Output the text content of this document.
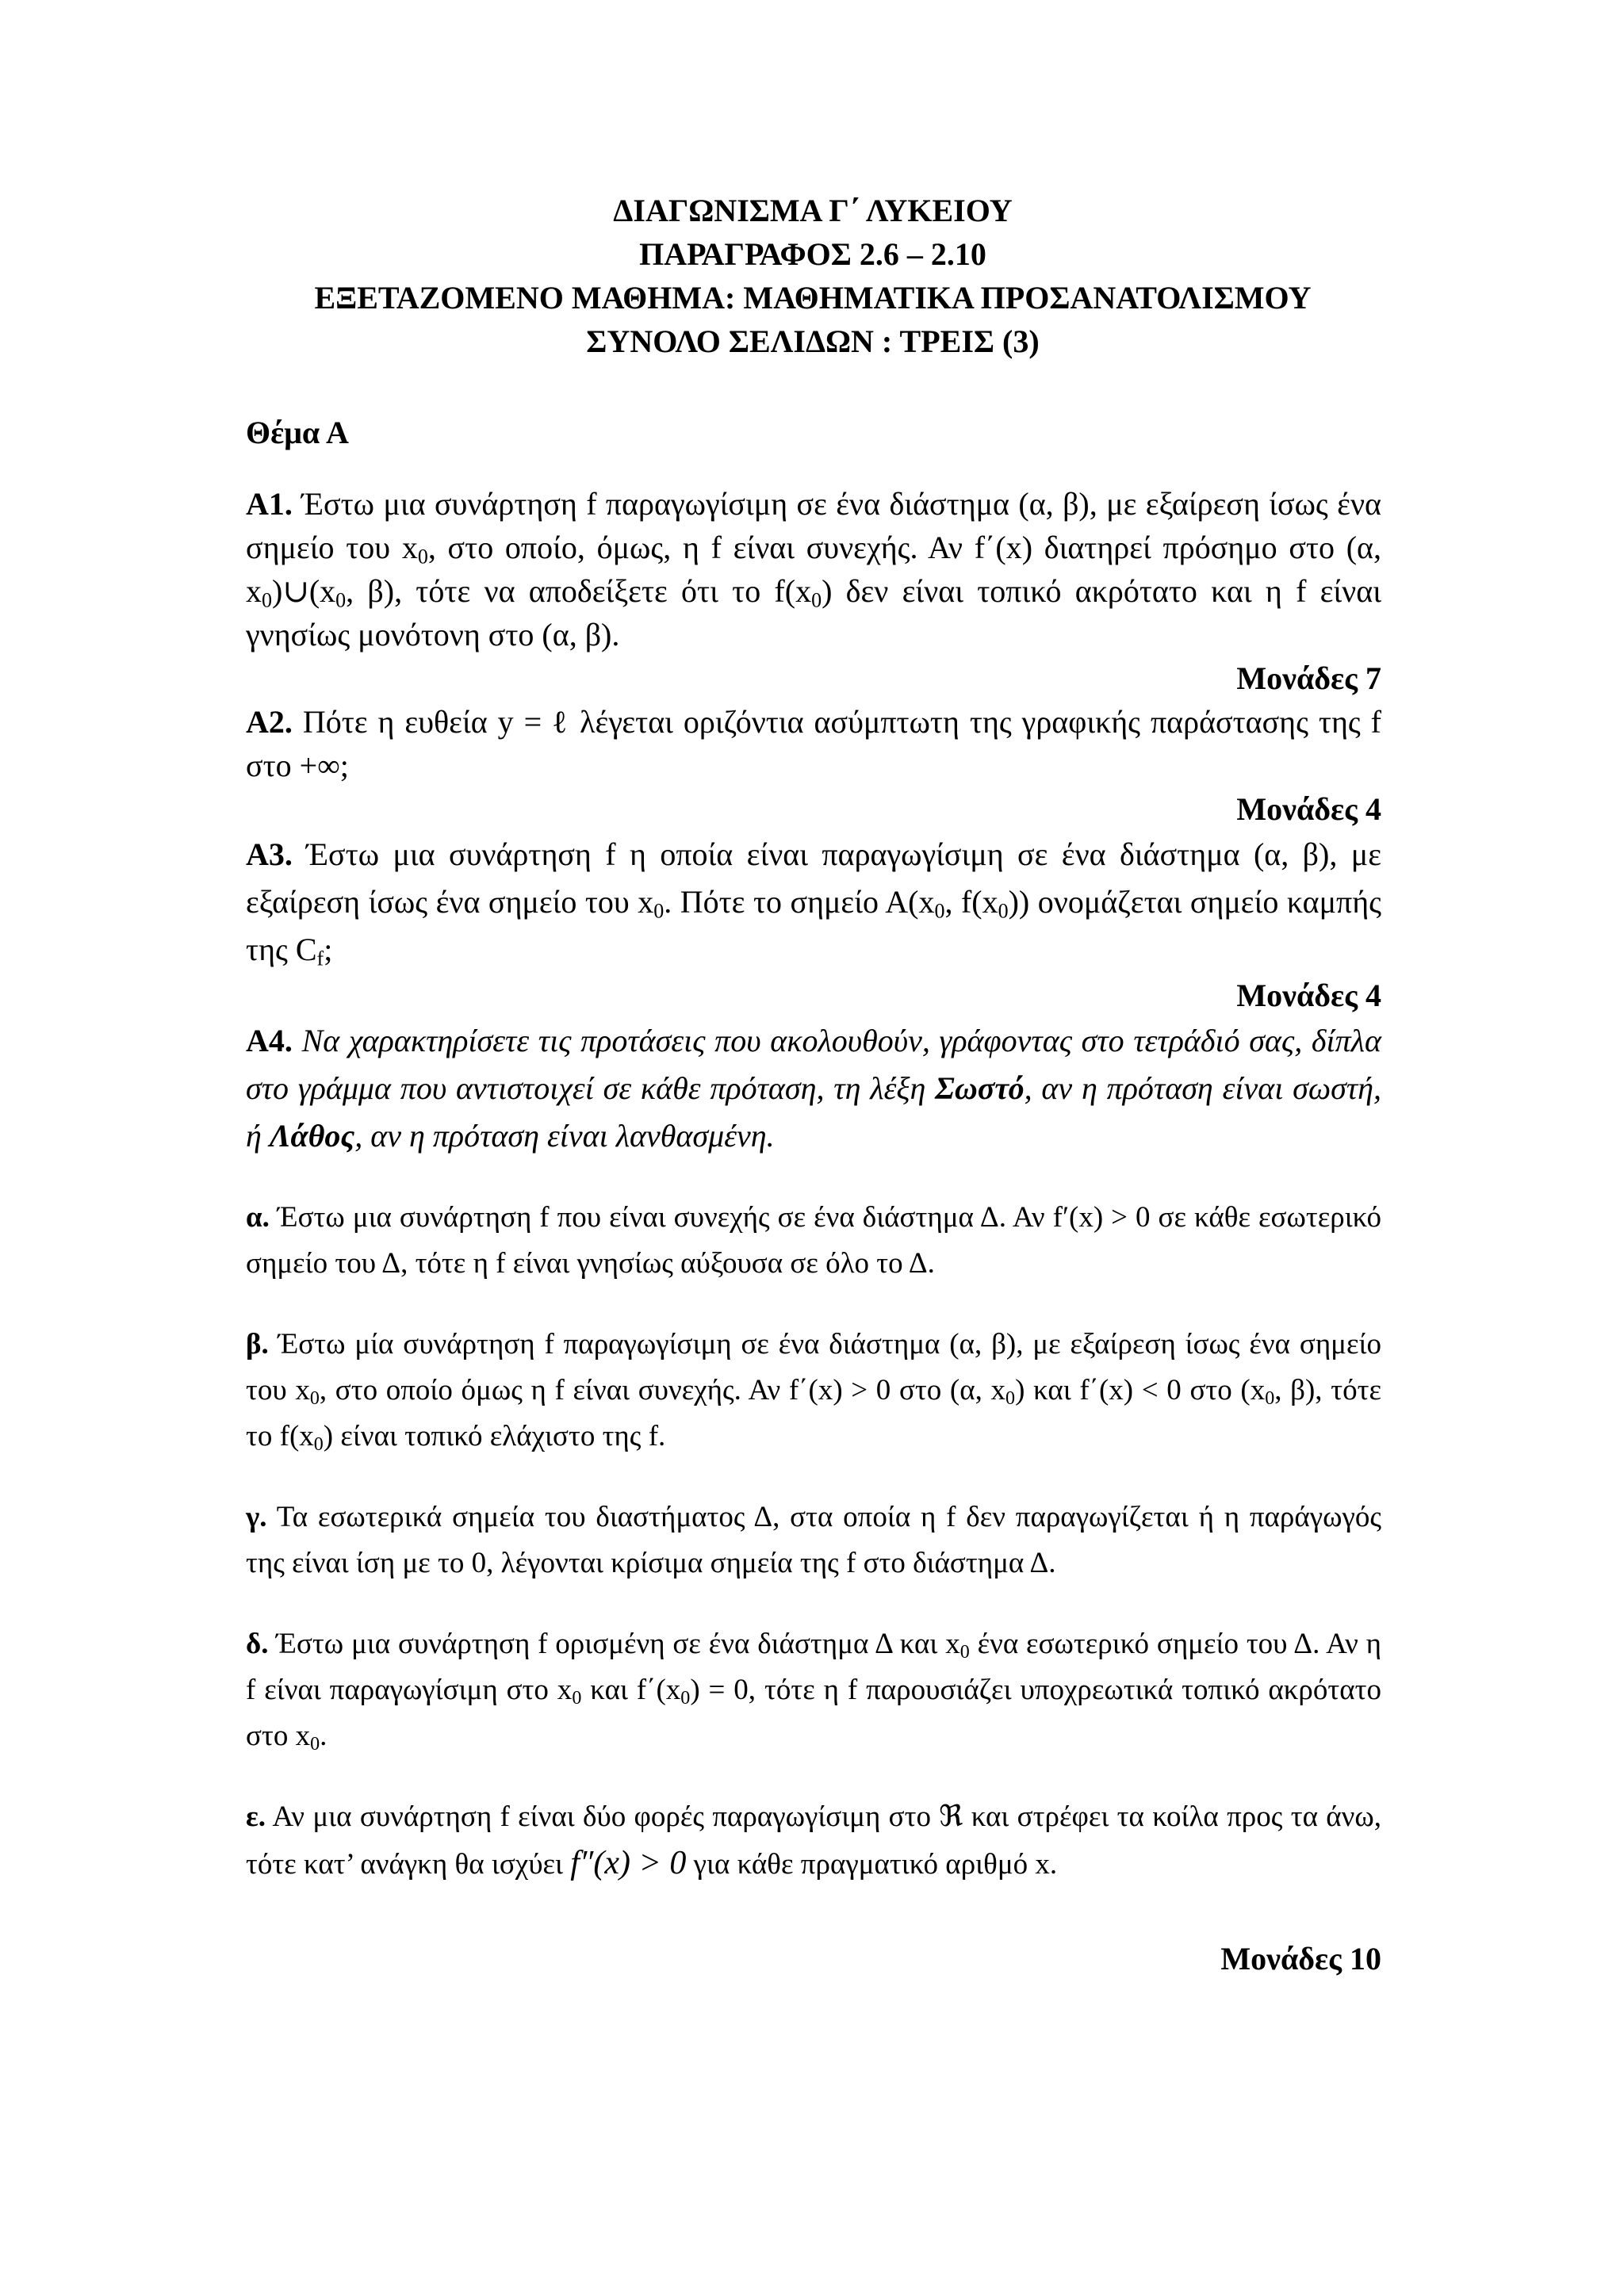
ΔΙΑΓΩΝΙΣΜΑ Γ΄ ΛΥΚΕΙΟΥ
ΠΑΡΑΓΡΑΦΟΣ 2.6 – 2.10
ΕΞΕΤΑΖΟΜΕΝΟ ΜΑΘΗΜΑ: ΜΑΘΗΜΑΤΙΚΑ ΠΡΟΣΑΝΑΤΟΛΙΣΜΟΥ
ΣΥΝΟΛΟ ΣΕΛΙΔΩΝ : ΤΡΕΙΣ (3)
Θέμα Α

Α1. Έστω μια συνάρτηση f παραγωγίσιμη σε ένα διάστημα (α, β), με εξαίρεση ίσως ένα σημείο του $x_0$, στο οποίο, όμως, η f είναι συνεχής. Αν f΄(x) διατηρεί πρόσημο στο (α, $x_0)\cup(x_0$, β), τότε να αποδείξετε ότι το $f(x_0)$ δεν είναι τοπικό ακρότατο και η f είναι γνησίως μονότονη στο (α, β).

Μονάδες 7

Α2. Πότε η ευθεία y = ℓ λέγεται οριζόντια ασύμπτωτη της γραφικής παράστασης της f στο +∞;

Μονάδες 4

Α3. Έστω μια συνάρτηση f η οποία είναι παραγωγίσιμη σε ένα διάστημα (α, β), με εξαίρεση ίσως ένα σημείο του $x_0$. Πότε το σημείο $A(x_0$, $f(x_0)$) ονομάζεται σημείο καμπής της $C_f$;

Μονάδες 4

Α4. Να χαρακτηρίσετε τις προτάσεις που ακολουθούν, γράφοντας στο τετράδιό σας, δίπλα στο γράμμα που αντιστοιχεί σε κάθε πρόταση, τη λέξη Σωστό, αν η πρόταση είναι σωστή, ή Λάθος, αν η πρόταση είναι λανθασμένη.

α. Έστω μια συνάρτηση f που είναι συνεχής σε ένα διάστημα Δ. Αν f′(x) > 0 σε κάθε εσωτερικό σημείο του Δ, τότε η f είναι γνησίως αύξουσα σε όλο το Δ.

β. Έστω μία συνάρτηση f παραγωγίσιμη σε ένα διάστημα (α, β), με εξαίρεση ίσως ένα σημείο του $x_0$, στο οποίο όμως η f είναι συνεχής. Αν f΄(x) > 0 στο (α, $x_0$) και f΄(x) < 0 στο ($x_0$, β), τότε το $f(x_0)$ είναι τοπικό ελάχιστο της f.

γ. Τα εσωτερικά σημεία του διαστήματος Δ, στα οποία η f δεν παραγωγίζεται ή η παράγωγός της είναι ίση με το 0, λέγονται κρίσιμα σημεία της f στο διάστημα Δ.

δ. Έστω μια συνάρτηση f ορισμένη σε ένα διάστημα Δ και $x_0$ ένα εσωτερικό σημείο του Δ. Αν η f είναι παραγωγίσιμη στο $x_0$ και $f΄(x_0) = 0$, τότε η f παρουσιάζει υποχρεωτικά τοπικό ακρότατο στο $x_0$.

ε. Αν μια συνάρτηση f είναι δύο φορές παραγωγίσιμη στο ℜ και στρέφει τα κοίλα προς τα άνω, τότε κατ’ ανάγκη θα ισχύει f″(x) > 0 για κάθε πραγματικό αριθμό x.

Μονάδες 10
